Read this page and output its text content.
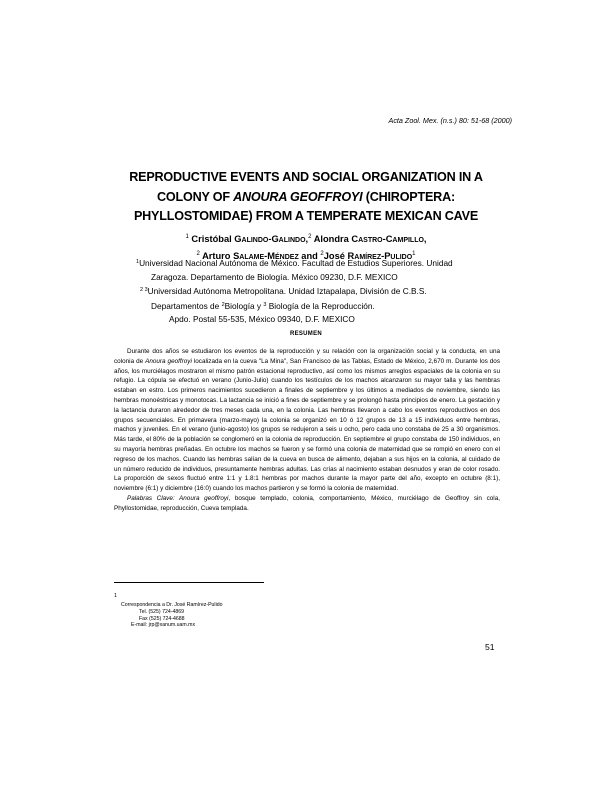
Acta Zool. Mex. (n.s.) 80: 51-68 (2000)
REPRODUCTIVE EVENTS AND SOCIAL ORGANIZATION IN A
COLONY OF ANOURA GEOFFROYI (CHIROPTERA:
PHYLLOSTOMIDAE) FROM A TEMPERATE MEXICAN CAVE
$^1$ Cristóbal Galindo-Galindo,$^2$ Alondra Castro-Campillo,
$^2$ Arturo Salame-Méndez and $^2$José Ramírez-Pulido$^1$
$^1$Universidad Nacional Autónoma de México. Facultad de Estudios Superiores. Unidad
Zaragoza. Departamento de Biología. México 09230, D.F. MEXICO
$^{2 3}$Universidad Autónoma Metropolitana. Unidad Iztapalapa, División de C.B.S.
Departamentos de $^2$Biología y $^3$ Biología de la Reproducción.
Apdo. Postal 55-535, México 09340, D.F. MEXICO
RESUMEN

Durante dos años se estudiaron los eventos de la reproducción y su relación con la organización social y la conducta, en una colonia de Anoura geoffroyi localizada en la cueva "La Mina", San Francisco de las Tablas, Estado de México, 2,670 m. Durante los dos años, los murciélagos mostraron el mismo patrón estacional reproductivo, así como los mismos arreglos espaciales de la colonia en su refugio. La cópula se efectuó en verano (Junio-Julio) cuando los testículos de los machos alcanzaron su mayor talla y las hembras estaban en estro. Los primeros nacimientos sucedieron a finales de septiembre y los últimos a mediados de noviembre, siendo las hembras monoéstricas y monotocas. La lactancia se inició a fines de septiembre y se prolongó hasta principios de enero. La gestación y la lactancia duraron alrededor de tres meses cada una, en la colonia. Las hembras llevaron a cabo los eventos reproductivos en dos grupos secuenciales. En primavera (marzo-mayo) la colonia se organizó en 10 ó 12 grupos de 13 a 15 individuos entre hembras, machos y juveniles. En el verano (junio-agosto) los grupos se redujeron a seis u ocho, pero cada uno constaba de 25 a 30 organismos. Más tarde, el 80% de la población se conglomeró en la colonia de reproducción. En septiembre el grupo constaba de 150 individuos, en su mayoría hembras preñadas. En octubre los machos se fueron y se formó una colonia de maternidad que se rompió en enero con el regreso de los machos. Cuando las hembras salían de la cueva en busca de alimento, dejaban a sus hijos en la colonia, al cuidado de un número reducido de individuos, presuntamente hembras adultas. Las crías al nacimiento estaban desnudos y eran de color rosado. La proporción de sexos fluctuó entre 1:1 y 1.8:1 hembras por machos durante la mayor parte del año, excepto en octubre (8:1), noviembre (6:1) y diciembre (16:0) cuando los machos partieron y se formó la colonia de maternidad.

Palabras Clave: Anoura geoffroyi, bosque templado, colonia, comportamiento, México, murciélago de Geoffroy sin cola, Phyllostomidae, reproducción, Cueva templada.

1
Correspondencia a Dr. José Ramírez-Pulido
Tel. (525) 724-4869
Fax (525) 724-4688
E-mail: jrp@xanum.uam.mx
51
